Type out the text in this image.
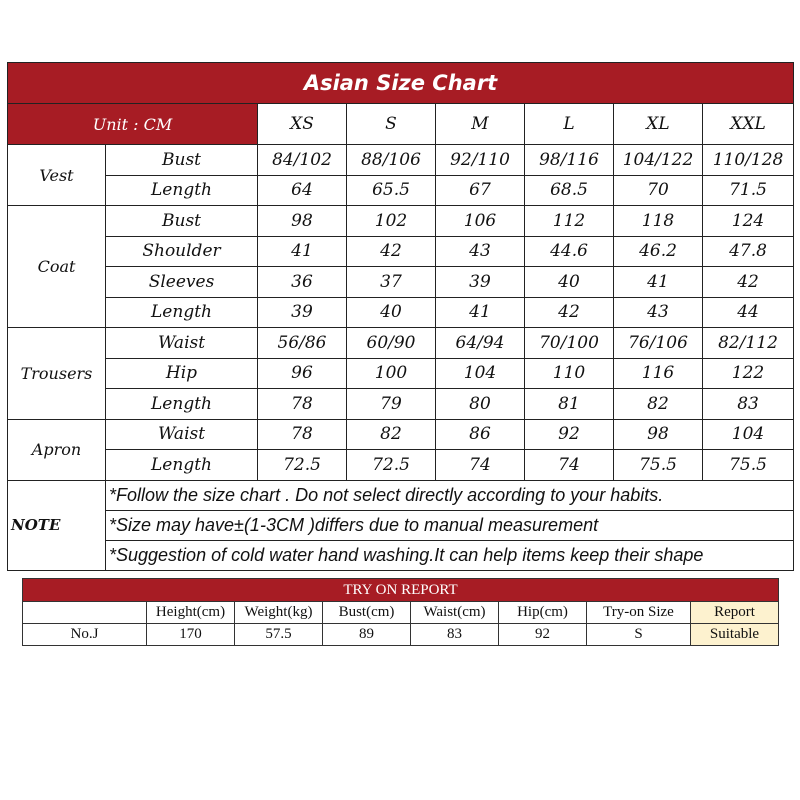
Asian Size Chart							
Unit : CM		XS	S	M	L	XL	XXL
Vest	Bust	84/102	88/106	92/110	98/116	104/122	110/128
	Length	64	65.5	67	68.5	70	71.5
Coat	Bust	98	102	106	112	118	124
	Shoulder	41	42	43	44.6	46.2	47.8
	Sleeves	36	37	39	40	41	42
	Length	39	40	41	42	43	44
Trousers	Waist	56/86	60/90	64/94	70/100	76/106	82/112
	Hip	96	100	104	110	116	122
	Length	78	79	80	81	82	83
Apron	Waist	78	82	86	92	98	104
	Length	72.5	72.5	74	74	75.5	75.5
NOTE	*Follow the size chart . Do not select directly according to your habits.						
	*Size may have±(1-3CM )differs due to manual measurement						
	*Suggestion of cold water hand washing.It can help items keep their shape						
TRY ON REPORT							
	Height(cm)	Weight(kg)	Bust(cm)	Waist(cm)	Hip(cm)	Try-on Size	Report
No.J	170	57.5	89	83	92	S	Suitable
